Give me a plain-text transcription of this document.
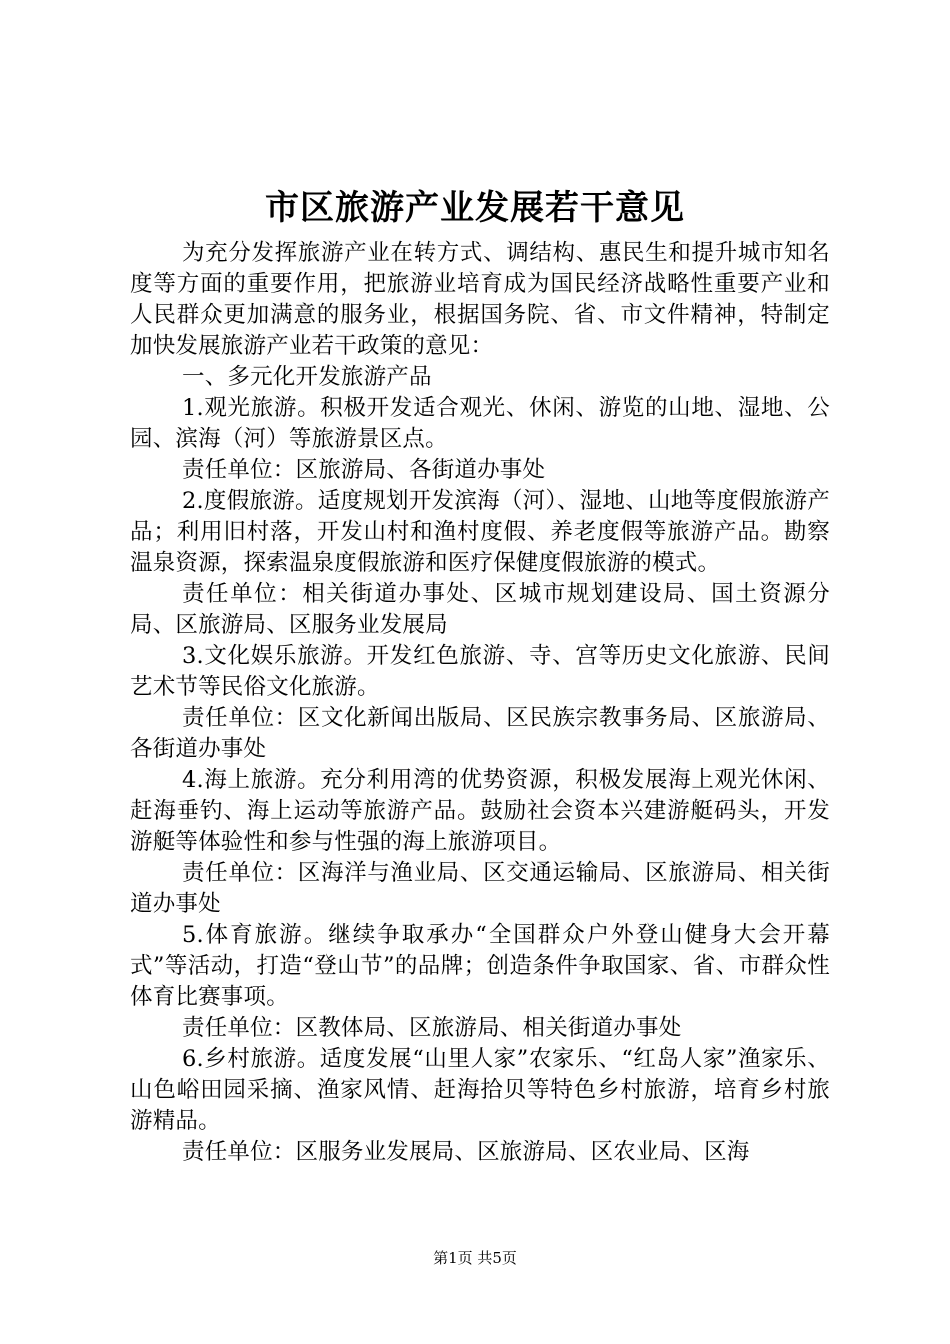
市区旅游产业发展若干意见

为充分发挥旅游产业在转方式、调结构、惠民生和提升城市知名度等方面的重要作用，把旅游业培育成为国民经济战略性重要产业和人民群众更加满意的服务业，根据国务院、省、市文件精神，特制定加快发展旅游产业若干政策的意见：

一、多元化开发旅游产品

1.观光旅游。积极开发适合观光、休闲、游览的山地、湿地、公园、滨海（河）等旅游景区点。

责任单位：区旅游局、各街道办事处

2.度假旅游。适度规划开发滨海（河）、湿地、山地等度假旅游产品；利用旧村落，开发山村和渔村度假、养老度假等旅游产品。勘察温泉资源，探索温泉度假旅游和医疗保健度假旅游的模式。

责任单位：相关街道办事处、区城市规划建设局、国土资源分局、区旅游局、区服务业发展局

3.文化娱乐旅游。开发红色旅游、寺、宫等历史文化旅游、民间艺术节等民俗文化旅游。

责任单位：区文化新闻出版局、区民族宗教事务局、区旅游局、各街道办事处

4.海上旅游。充分利用湾的优势资源，积极发展海上观光休闲、赶海垂钓、海上运动等旅游产品。鼓励社会资本兴建游艇码头，开发游艇等体验性和参与性强的海上旅游项目。

责任单位：区海洋与渔业局、区交通运输局、区旅游局、相关街道办事处

5.体育旅游。继续争取承办“全国群众户外登山健身大会开幕式”等活动，打造“登山节”的品牌；创造条件争取国家、省、市群众性体育比赛事项。

责任单位：区教体局、区旅游局、相关街道办事处

6.乡村旅游。适度发展“山里人家”农家乐、“红岛人家”渔家乐、山色峪田园采摘、渔家风情、赶海拾贝等特色乡村旅游，培育乡村旅游精品。

责任单位：区服务业发展局、区旅游局、区农业局、区海

第1页 共5页
